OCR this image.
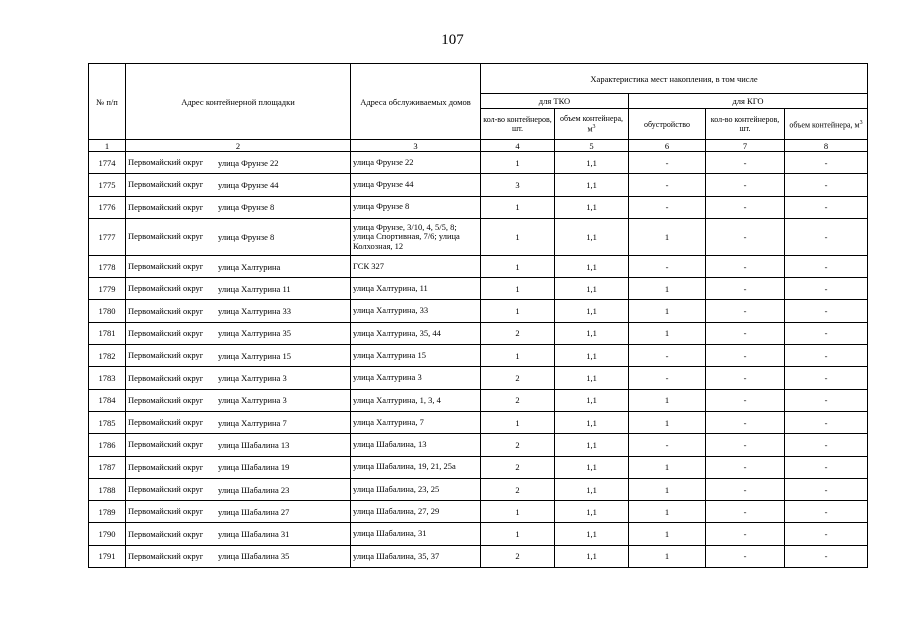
107
№ п/п	Адрес контейнерной площадки	Адреса обслуживаемых домов	Характеристика мест накопления, в том числе				
			для ТКО		для КГО		
			кол-во контейнеров, шт.	объем контейнера, $м^3$	обустройство	кол-во контейнеров, шт.	объем контейнера, $м^3$
1	2	3	4	5	6	7	8
1774	Первомайский округ улица Фрунзе 22	улица Фрунзе 22	1	1,1	-	-	-
1775	Первомайский округ улица Фрунзе 44	улица Фрунзе 44	3	1,1	-	-	-
1776	Первомайский округ улица Фрунзе 8	улица Фрунзе 8	1	1,1	-	-	-
1777	Первомайский округ улица Фрунзе 8	улица Фрунзе, 3/10, 4, 5/5, 8; улица Спортивная, 7/6; улица Колхозная, 12	1	1,1	1	-	-
1778	Первомайский округ улица Халтурина	ГСК 327	1	1,1	-	-	-
1779	Первомайский округ улица Халтурина 11	улица Халтурина, 11	1	1,1	1	-	-
1780	Первомайский округ улица Халтурина 33	улица Халтурина, 33	1	1,1	1	-	-
1781	Первомайский округ улица Халтурина 35	улица Халтурина, 35, 44	2	1,1	1	-	-
1782	Первомайский округ улица Халтурина 15	улица Халтурина 15	1	1,1	-	-	-
1783	Первомайский округ улица Халтурина 3	улица Халтурина 3	2	1,1	-	-	-
1784	Первомайский округ улица Халтурина 3	улица Халтурина, 1, 3, 4	2	1,1	1	-	-
1785	Первомайский округ улица Халтурина 7	улица Халтурина, 7	1	1,1	1	-	-
1786	Первомайский округ улица Шабалина 13	улица Шабалина, 13	2	1,1	-	-	-
1787	Первомайский округ улица Шабалина 19	улица Шабалина, 19, 21, 25а	2	1,1	1	-	-
1788	Первомайский округ улица Шабалина 23	улица Шабалина, 23, 25	2	1,1	1	-	-
1789	Первомайский округ улица Шабалина 27	улица Шабалина, 27, 29	1	1,1	1	-	-
1790	Первомайский округ улица Шабалина 31	улица Шабалина, 31	1	1,1	1	-	-
1791	Первомайский округ улица Шабалина 35	улица Шабалина, 35, 37	2	1,1	1	-	-
